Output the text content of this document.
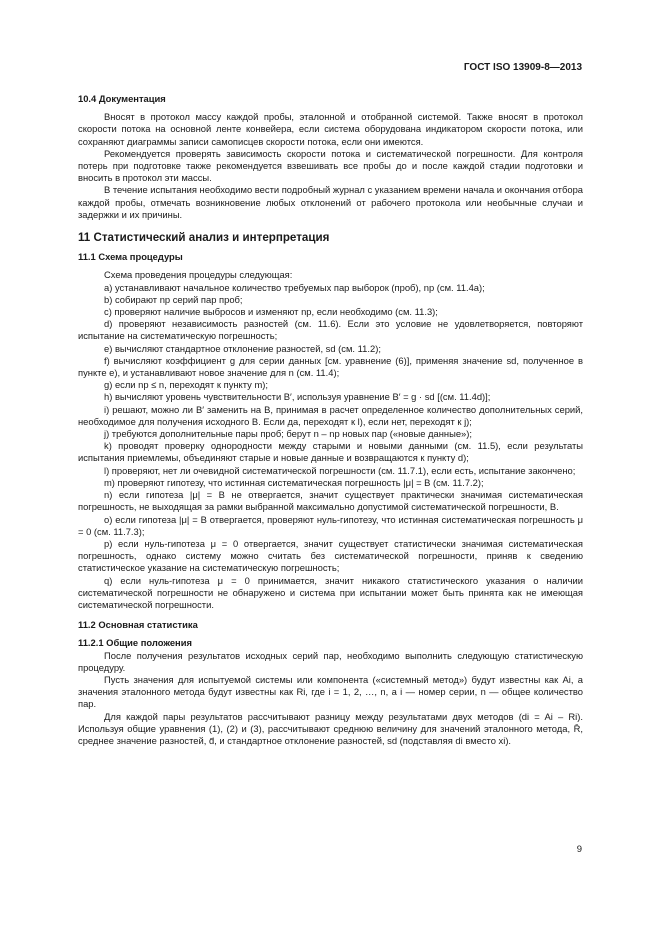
ГОСТ ISO 13909-8—2013
10.4 Документация
Вносят в протокол массу каждой пробы, эталонной и отобранной системой. Также вносят в протокол скорости потока на основной ленте конвейера, если система оборудована индикатором скорости потока, или сохраняют диаграммы записи самописцев скорости потока, если они имеются.
Рекомендуется проверять зависимость скорости потока и систематической погрешности. Для контроля потерь при подготовке также рекомендуется взвешивать все пробы до и после каждой стадии подготовки и вносить в протокол эти массы.
В течение испытания необходимо вести подробный журнал с указанием времени начала и окончания отбора каждой пробы, отмечать возникновение любых отклонений от рабочего протокола или необычные случаи и задержки и их причины.
11 Статистический анализ и интерпретация
11.1 Схема процедуры
Схема проведения процедуры следующая:
a) устанавливают начальное количество требуемых пар выборок (проб), nр (см. 11.4а);
b) собирают nр серий пар проб;
c) проверяют наличие выбросов и изменяют nр, если необходимо (см. 11.3);
d) проверяют независимость разностей (см. 11.6). Если это условие не удовлетворяется, повторяют испытание на систематическую погрешность;
e) вычисляют стандартное отклонение разностей, sd (см. 11.2);
f) вычисляют коэффициент g для серии данных [см. уравнение (6)], применяя значение sd, полученное в пункте e), и устанавливают новое значение для n (см. 11.4);
g) если nр ≤ n, переходят к пункту m);
h) вычисляют уровень чувствительности B′, используя уравнение B′ = g · sd [(см. 11.4d)];
i) решают, можно ли B′ заменить на B, принимая в расчет определенное количество дополнительных серий, необходимое для получения исходного B. Если да, переходят к l), если нет, переходят к j);
j) требуются дополнительные пары проб; берут n – nр новых пар («новые данные»);
k) проводят проверку однородности между старыми и новыми данными (см. 11.5), если результаты испытания приемлемы, объединяют старые и новые данные и возвращаются к пункту d);
l) проверяют, нет ли очевидной систематической погрешности (см. 11.7.1), если есть, испытание закончено;
m) проверяют гипотезу, что истинная систематическая погрешность |μ| = B (см. 11.7.2);
n) если гипотеза |μ| = B не отвергается, значит существует практически значимая систематическая погрешность, не выходящая за рамки выбранной максимально допустимой систематической погрешности, B.
o) если гипотеза |μ| = B отвергается, проверяют нуль-гипотезу, что истинная систематическая погрешность μ = 0 (см. 11.7.3);
p) если нуль-гипотеза μ = 0 отвергается, значит существует статистически значимая систематическая погрешность, однако систему можно считать без систематической погрешности, приняв к сведению статистическое указание на систематическую погрешность;
q) если нуль-гипотеза μ = 0 принимается, значит никакого статистического указания о наличии систематической погрешности не обнаружено и система при испытании может быть принята как не имеющая систематической погрешности.
11.2 Основная статистика
11.2.1 Общие положения
После получения результатов исходных серий пар, необходимо выполнить следующую статистическую процедуру.
Пусть значения для испытуемой системы или компонента («системный метод») будут известны как Ai, а значения эталонного метода будут известны как Ri, где i = 1, 2, …, n, а i — номер серии, n — общее количество пар.
Для каждой пары результатов рассчитывают разницу между результатами двух методов (di = Ai – Ri). Используя общие уравнения (1), (2) и (3), рассчитывают среднюю величину для значений эталонного метода, R̄, среднее значение разностей, d̄, и стандартное отклонение разностей, sd (подставляя di вместо xi).
9
